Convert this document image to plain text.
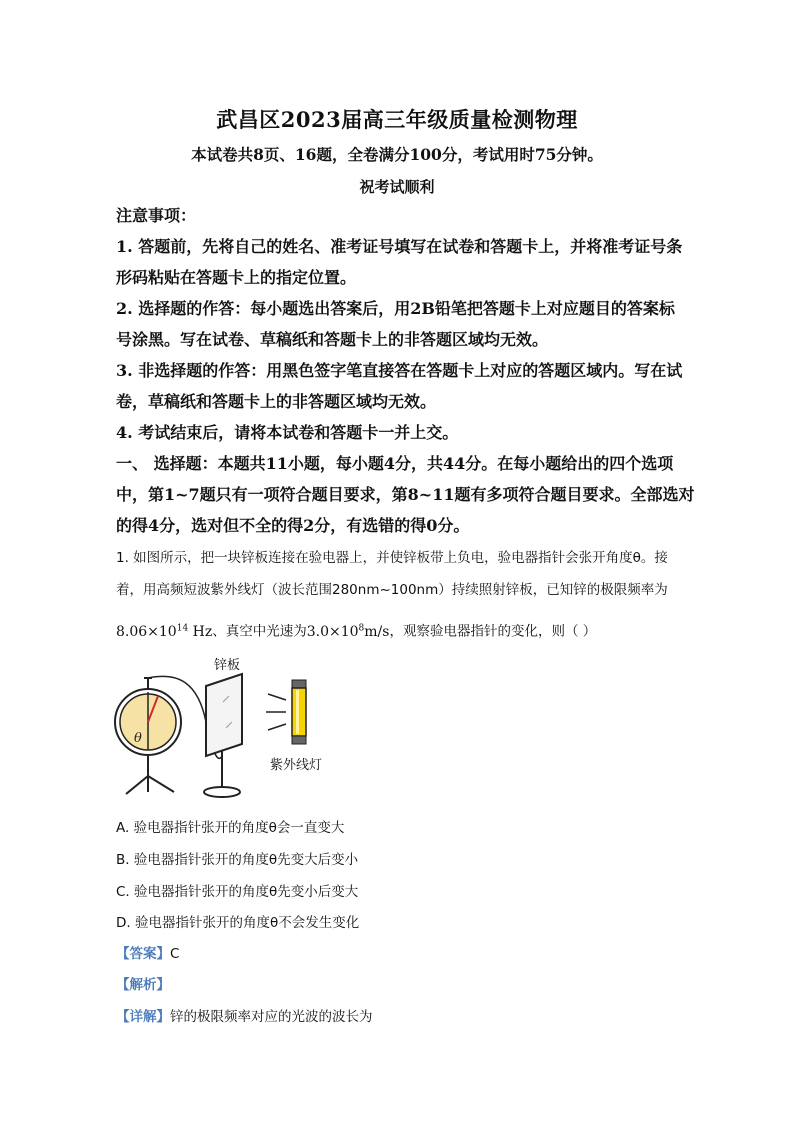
武昌区2023届高三年级质量检测物理
本试卷共8页、16题，全卷满分100分，考试用时75分钟。
祝考试顺利
注意事项：
1. 答题前，先将自己的姓名、准考证号填写在试卷和答题卡上，并将准考证号条
形码粘贴在答题卡上的指定位置。
2. 选择题的作答：每小题选出答案后，用2B铅笔把答题卡上对应题目的答案标
号涂黑。写在试卷、草稿纸和答题卡上的非答题区域均无效。
3. 非选择题的作答：用黑色签字笔直接答在答题卡上对应的答题区域内。写在试
卷，草稿纸和答题卡上的非答题区域均无效。
4. 考试结束后，请将本试卷和答题卡一并上交。
一、 选择题：本题共11小题，每小题4分，共44分。在每小题给出的四个选项
中，第1~7题只有一项符合题目要求，第8~11题有多项符合题目要求。全部选对
的得4分，选对但不全的得2分，有选错的得0分。
1. 如图所示，把一块锌板连接在验电器上，并使锌板带上负电，验电器指针会张开角度θ。接
着，用高频短波紫外线灯（波长范围280nm~100nm）持续照射锌板，已知锌的极限频率为
$8.06\times 10^{14}$ Hz、真空中光速为$3.0\times 10^8m/s$，观察验电器指针的变化，则（ ）
θ
锌板
紫外线灯
A. 验电器指针张开的角度θ会一直变大
B. 验电器指针张开的角度θ先变大后变小
C. 验电器指针张开的角度θ先变小后变大
D. 验电器指针张开的角度θ不会发生变化
【答案】C
【解析】
【详解】锌的极限频率对应的光波的波长为
